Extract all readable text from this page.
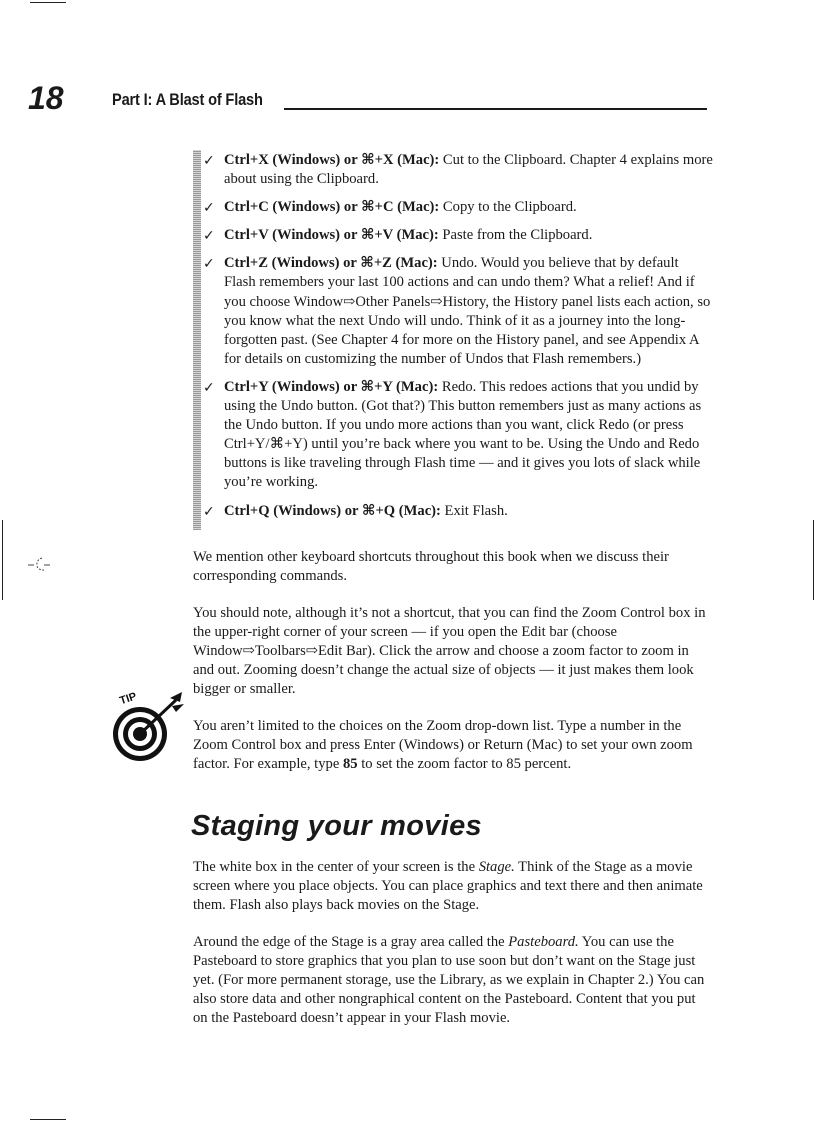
18	Part I: A Blast of Flash
✓ Ctrl+X (Windows) or ⌘+X (Mac): Cut to the Clipboard. Chapter 4 explains more about using the Clipboard.
✓ Ctrl+C (Windows) or ⌘+C (Mac): Copy to the Clipboard.
✓ Ctrl+V (Windows) or ⌘+V (Mac): Paste from the Clipboard.
✓ Ctrl+Z (Windows) or ⌘+Z (Mac): Undo. Would you believe that by default Flash remembers your last 100 actions and can undo them? What a relief! And if you choose Window⇨Other Panels⇨History, the History panel lists each action, so you know what the next Undo will undo. Think of it as a journey into the long-forgotten past. (See Chapter 4 for more on the History panel, and see Appendix A for details on customizing the number of Undos that Flash remembers.)
✓ Ctrl+Y (Windows) or ⌘+Y (Mac): Redo. This redoes actions that you undid by using the Undo button. (Got that?) This button remembers just as many actions as the Undo button. If you undo more actions than you want, click Redo (or press Ctrl+Y/⌘+Y) until you’re back where you want to be. Using the Undo and Redo buttons is like traveling through Flash time — and it gives you lots of slack while you’re working.
✓ Ctrl+Q (Windows) or ⌘+Q (Mac): Exit Flash.

We mention other keyboard shortcuts throughout this book when we discuss their corresponding commands.

You should note, although it’s not a shortcut, that you can find the Zoom Control box in the upper-right corner of your screen — if you open the Edit bar (choose Window⇨Toolbars⇨Edit Bar). Click the arrow and choose a zoom factor to zoom in and out. Zooming doesn’t change the actual size of objects — it just makes them look bigger or smaller.

TIP

You aren’t limited to the choices on the Zoom drop-down list. Type a number in the Zoom Control box and press Enter (Windows) or Return (Mac) to set your own zoom factor. For example, type 85 to set the zoom factor to 85 percent.

Staging your movies

The white box in the center of your screen is the Stage. Think of the Stage as a movie screen where you place objects. You can place graphics and text there and then animate them. Flash also plays back movies on the Stage.

Around the edge of the Stage is a gray area called the Pasteboard. You can use the Pasteboard to store graphics that you plan to use soon but don’t want on the Stage just yet. (For more permanent storage, use the Library, as we explain in Chapter 2.) You can also store data and other nongraphical content on the Pasteboard. Content that you put on the Pasteboard doesn’t appear in your Flash movie.
